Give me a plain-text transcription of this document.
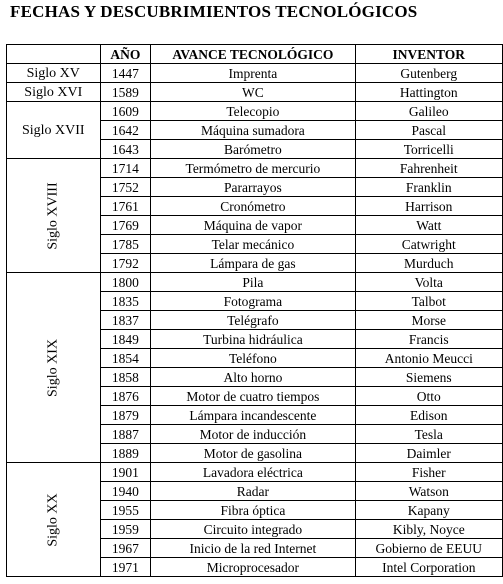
FECHAS Y DESCUBRIMIENTOS TECNOLÓGICOS
	AÑO	AVANCE TECNOLÓGICO	INVENTOR
Siglo XV	1447	Imprenta	Gutenberg
Siglo XVI	1589	WC	Hattington
Siglo XVII	1609	Telecopio	Galileo
	1642	Máquina sumadora	Pascal
	1643	Barómetro	Torricelli

Siglo XVIII	1714	Termómetro de mercurio	Fahrenheit
	1752	Pararrayos	Franklin
	1761	Cronómetro	Harrison
	1769	Máquina de vapor	Watt
	1785	Telar mecánico	Catwright
	1792	Lámpara de gas	Murduch

Siglo XIX	1800	Pila	Volta
	1835	Fotograma	Talbot
	1837	Telégrafo	Morse
	1849	Turbina hidráulica	Francis
	1854	Teléfono	Antonio Meucci
	1858	Alto horno	Siemens
	1876	Motor de cuatro tiempos	Otto
	1879	Lámpara incandescente	Edison
	1887	Motor de inducción	Tesla
	1889	Motor de gasolina	Daimler

Siglo XX	1901	Lavadora eléctrica	Fisher
	1940	Radar	Watson
	1955	Fibra óptica	Kapany
	1959	Circuito integrado	Kibly, Noyce
	1967	Inicio de la red Internet	Gobierno de EEUU
	1971	Microprocesador	Intel Corporation
